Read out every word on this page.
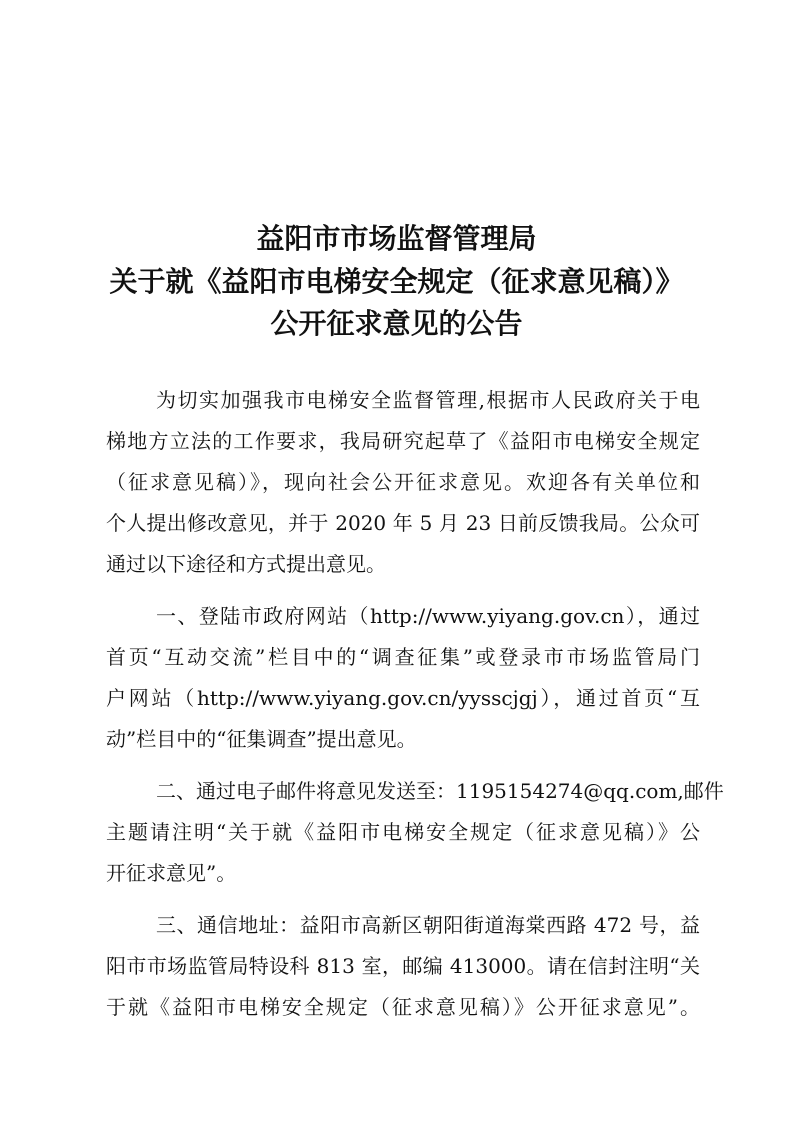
益阳市市场监督管理局
关于就《益阳市电梯安全规定（征求意见稿）》
公开征求意见的公告
为切实加强我市电梯安全监督管理,根据市人民政府关于电
梯地方立法的工作要求，我局研究起草了《益阳市电梯安全规定
（征求意见稿）》，现向社会公开征求意见。欢迎各有关单位和
个人提出修改意见，并于 2020 年 5 月 23 日前反馈我局。公众可
通过以下途径和方式提出意见。
一、登陆市政府网站（http://www.yiyang.gov.cn），通过
首页“互动交流”栏目中的“调查征集”或登录市市场监管局门
户网站（http://www.yiyang.gov.cn/yysscjgj），通过首页“互
动”栏目中的“征集调查”提出意见。
二、通过电子邮件将意见发送至：1195154274@qq.com,邮件
主题请注明“关于就《益阳市电梯安全规定（征求意见稿）》公
开征求意见”。
三、通信地址：益阳市高新区朝阳街道海棠西路 472 号，益
阳市市场监管局特设科 813 室，邮编 413000。请在信封注明“关
于就《益阳市电梯安全规定（征求意见稿）》公开征求意见”。
